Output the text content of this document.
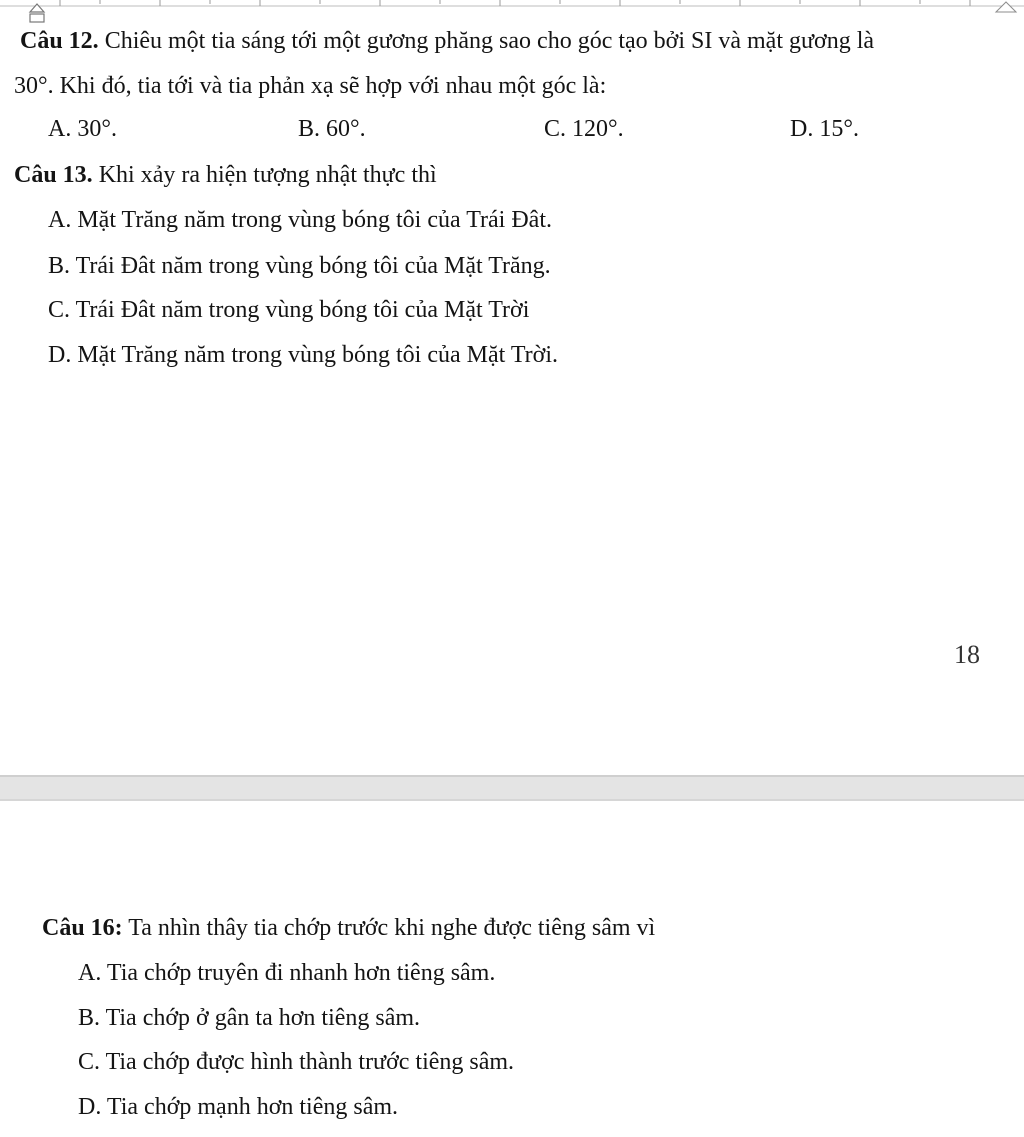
Câu 12. Chiêu một tia sáng tới một gương phăng sao cho góc tạo bởi SI và mặt gương là
30°. Khi đó, tia tới và tia phản xạ sẽ hợp với nhau một góc là:
A. 30°.	B. 60°.	C. 120°.	D. 15°.
Câu 13. Khi xảy ra hiện tượng nhật thực thì
A. Mặt Trăng năm trong vùng bóng tôi của Trái Đât.
B. Trái Đât năm trong vùng bóng tôi của Mặt Trăng.
C. Trái Đât năm trong vùng bóng tôi của Mặt Trời
D. Mặt Trăng năm trong vùng bóng tôi của Mặt Trời.
18
Câu 16: Ta nhìn thây tia chớp trước khi nghe được tiêng sâm vì
A. Tia chớp truyên đi nhanh hơn tiêng sâm.
B. Tia chớp ở gân ta hơn tiêng sâm.
C. Tia chớp được hình thành trước tiêng sâm.
D. Tia chớp mạnh hơn tiêng sâm.
